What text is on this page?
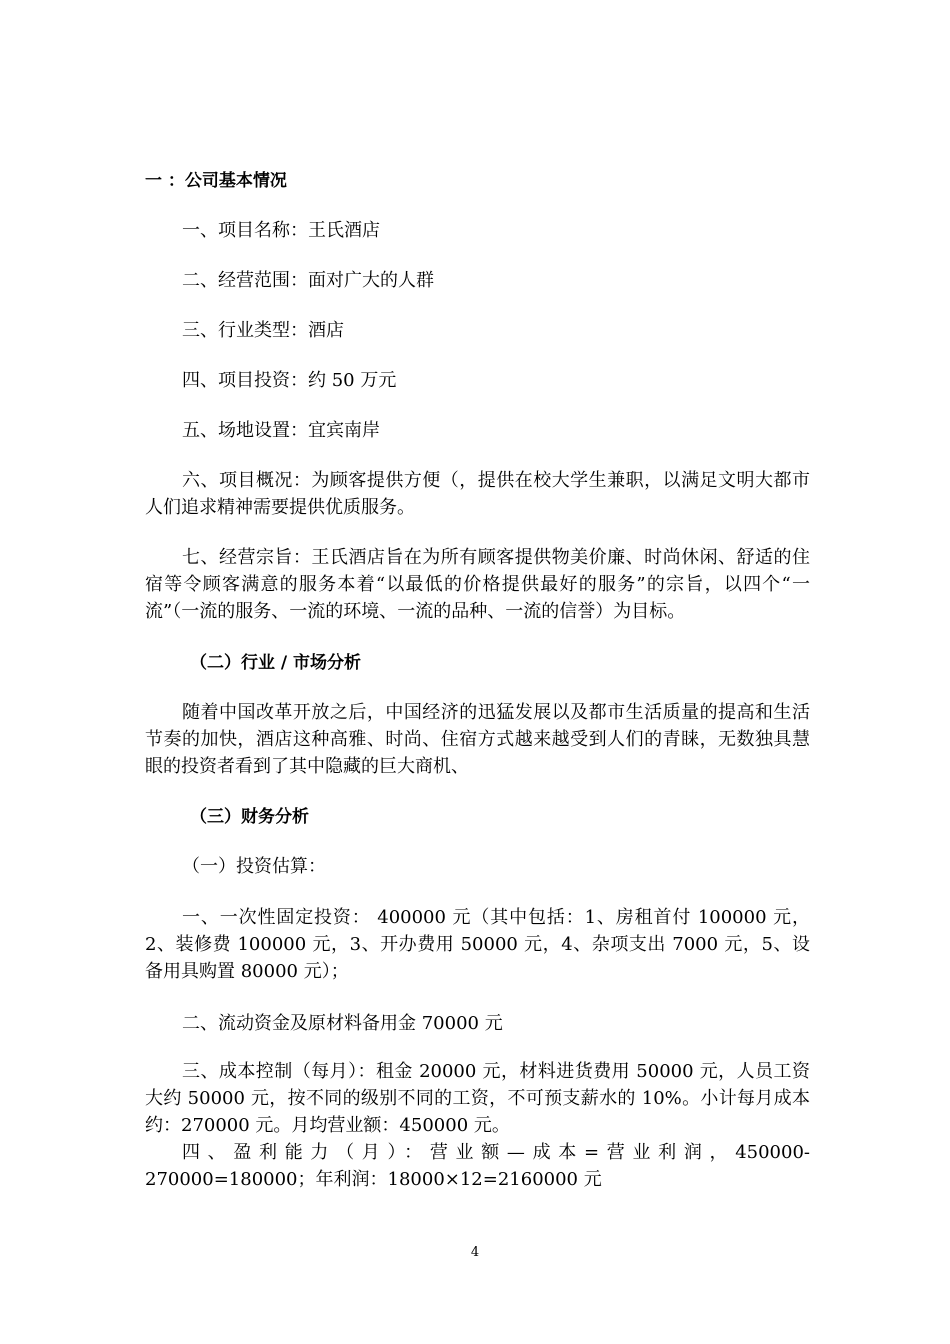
一 ：公司基本情况

一、项目名称：王氏酒店

二、经营范围：面对广大的人群

三、行业类型：酒店

四、项目投资：约 50 万元

五、场地设置：宜宾南岸

六、项目概况：为顾客提供方便（，提供在校大学生兼职，以满足文明大都市人们追求精神需要提供优质服务。

七、经营宗旨：王氏酒店旨在为所有顾客提供物美价廉、时尚休闲、舒适的住宿等令顾客满意的服务本着“以最低的价格提供最好的服务”的宗旨，以四个“一流”（一流的服务、一流的环境、一流的品种、一流的信誉）为目标。

（二）行业 / 市场分析

随着中国改革开放之后，中国经济的迅猛发展以及都市生活质量的提高和生活节奏的加快，酒店这种高雅、时尚、住宿方式越来越受到人们的青睐，无数独具慧眼的投资者看到了其中隐藏的巨大商机、

（三）财务分析

（一）投资估算：

一、一次性固定投资： 400000 元（其中包括：1、房租首付 100000 元，2、装修费 100000 元，3、开办费用 50000 元，4、杂项支出 7000 元，5、设备用具购置 80000 元）；

二、流动资金及原材料备用金 70000 元

三、成本控制（每月）：租金 20000 元，材料进货费用 50000 元，人员工资大约 50000 元，按不同的级别不同的工资，不可预支薪水的 10%。小计每月成本约：270000 元。月均营业额：450000 元。

四、盈利能力（月）：营业额—成本=营业利润，450000-270000=180000；年利润：18000×12=2160000 元

4
